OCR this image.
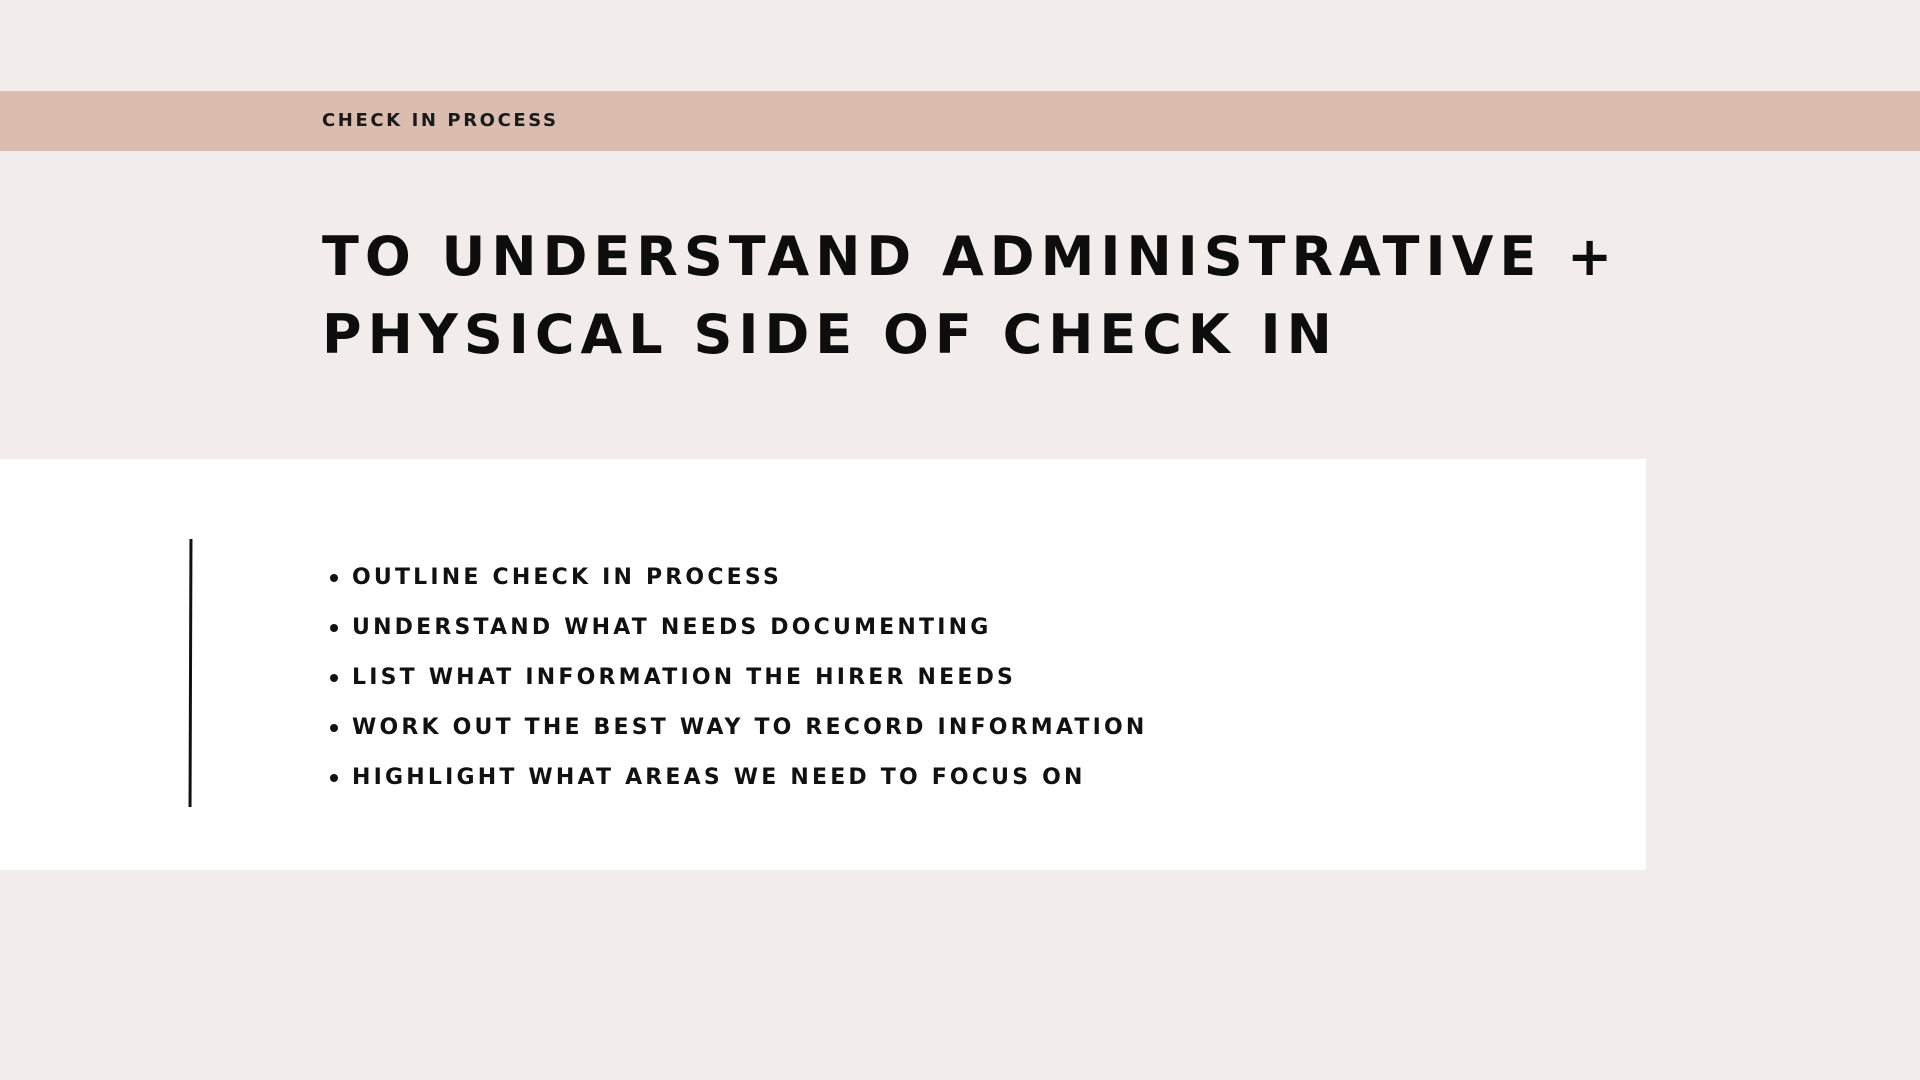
CHECK IN PROCESS
TO UNDERSTAND ADMINISTRATIVE +
PHYSICAL SIDE OF CHECK IN
OUTLINE CHECK IN PROCESS
UNDERSTAND WHAT NEEDS DOCUMENTING
LIST WHAT INFORMATION THE HIRER NEEDS
WORK OUT THE BEST WAY TO RECORD INFORMATION
HIGHLIGHT WHAT AREAS WE NEED TO FOCUS ON
